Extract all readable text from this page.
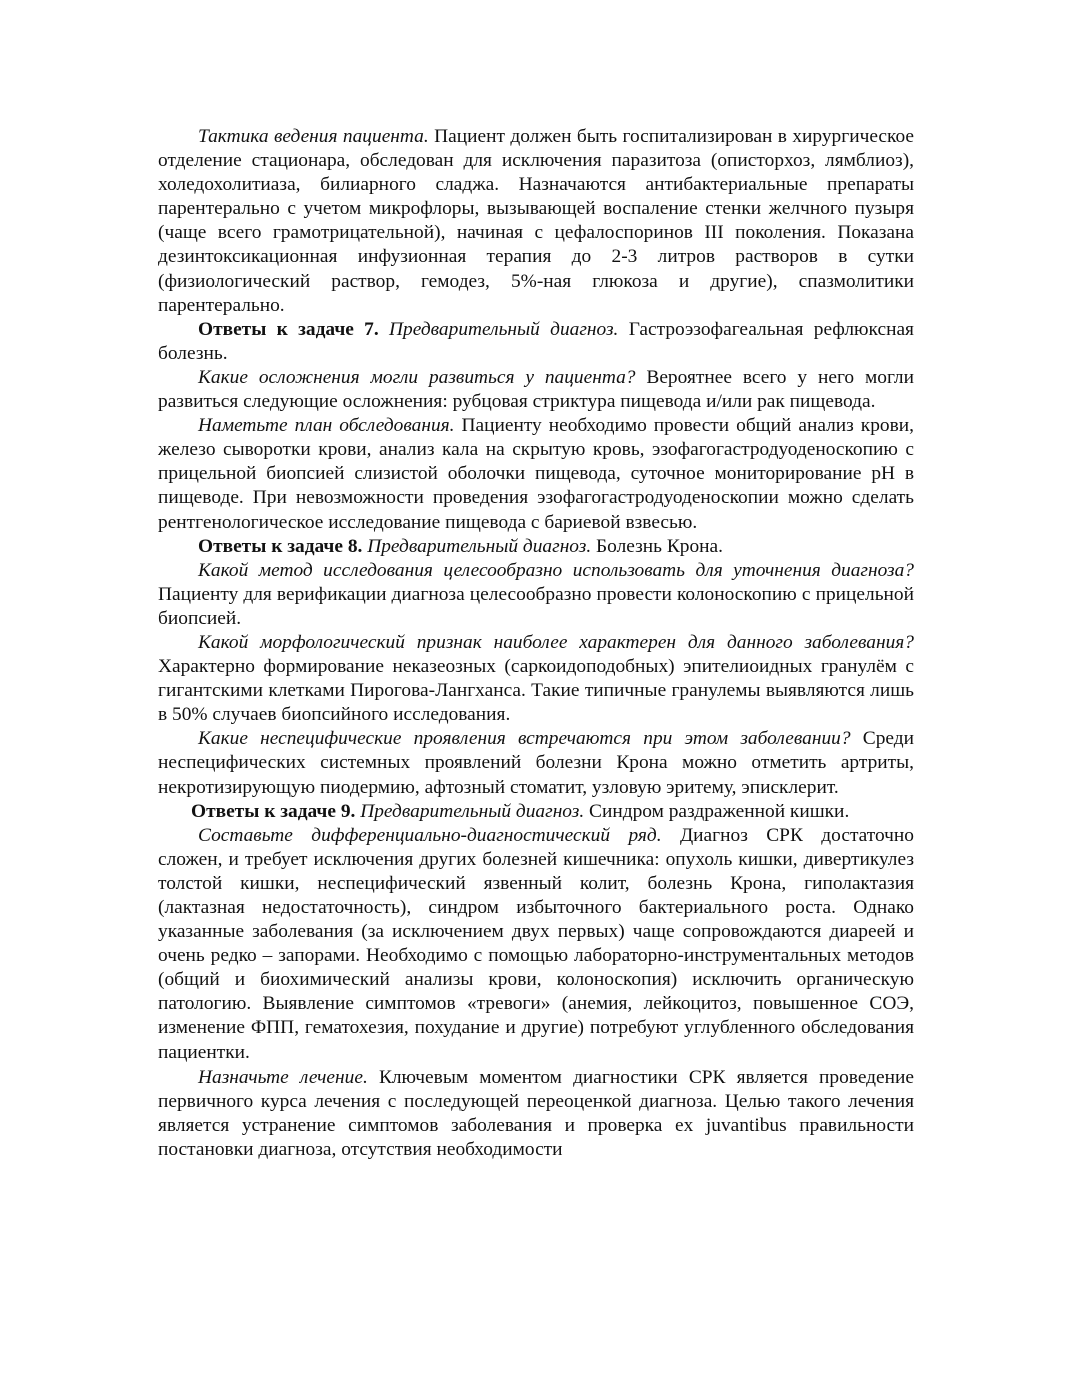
Тактика ведения пациента. Пациент должен быть госпитализирован в хирургическое отделение стационара, обследован для исключения паразитоза (описторхоз, лямблиоз), холедохолитиаза, билиарного сладжа. Назначаются антибактериальные препараты парентерально с учетом микрофлоры, вызывающей воспаление стенки желчного пузыря (чаще всего грамотрицательной), начиная с цефалоспоринов III поколения. Показана дезинтоксикационная инфузионная терапия до 2-3 литров растворов в сутки (физиологический раствор, гемодез, 5%-ная глюкоза и другие), спазмолитики парентерально.

Ответы к задаче 7. Предварительный диагноз. Гастроэзофагеальная рефлюксная болезнь.

Какие осложнения могли развиться у пациента? Вероятнее всего у него могли развиться следующие осложнения: рубцовая стриктура пищевода и/или рак пищевода.

Наметьте план обследования. Пациенту необходимо провести общий анализ крови, железо сыворотки крови, анализ кала на скрытую кровь, эзофагогастродуоденоскопию с прицельной биопсией слизистой оболочки пищевода, суточное мониторирование pH в пищеводе. При невозможности проведения эзофагогастродуоденоскопии можно сделать рентгенологическое исследование пищевода с бариевой взвесью.

Ответы к задаче 8. Предварительный диагноз. Болезнь Крона.

Какой метод исследования целесообразно использовать для уточнения диагноза? Пациенту для верификации диагноза целесообразно провести колоноскопию с прицельной биопсией.

Какой морфологический признак наиболее характерен для данного заболевания? Характерно формирование неказеозных (саркоидоподобных) эпителиоидных гранулём с гигантскими клетками Пирогова-Лангханса. Такие типичные гранулемы выявляются лишь в 50% случаев биопсийного исследования.

Какие неспецифические проявления встречаются при этом заболевании? Среди неспецифических системных проявлений болезни Крона можно отметить артриты, некротизирующую пиодермию, афтозный стоматит, узловую эритему, эписклерит.

Ответы к задаче 9. Предварительный диагноз. Синдром раздраженной кишки.

Составьте дифференциально-диагностический ряд. Диагноз СРК достаточно сложен, и требует исключения других болезней кишечника: опухоль кишки, дивертикулез толстой кишки, неспецифический язвенный колит, болезнь Крона, гиполактазия (лактазная недостаточность), синдром избыточного бактериального роста. Однако указанные заболевания (за исключением двух первых) чаще сопровождаются диареей и очень редко – запорами. Необходимо с помощью лабораторно-инструментальных методов (общий и биохимический анализы крови, колоноскопия) исключить органическую патологию. Выявление симптомов «тревоги» (анемия, лейкоцитоз, повышенное СОЭ, изменение ФПП, гематохезия, похудание и другие) потребуют углубленного обследования пациентки.

Назначьте лечение. Ключевым моментом диагностики СРК является проведение первичного курса лечения с последующей переоценкой диагноза. Целью такого лечения является устранение симптомов заболевания и проверка ex juvantibus правильности постановки диагноза, отсутствия необходимости
